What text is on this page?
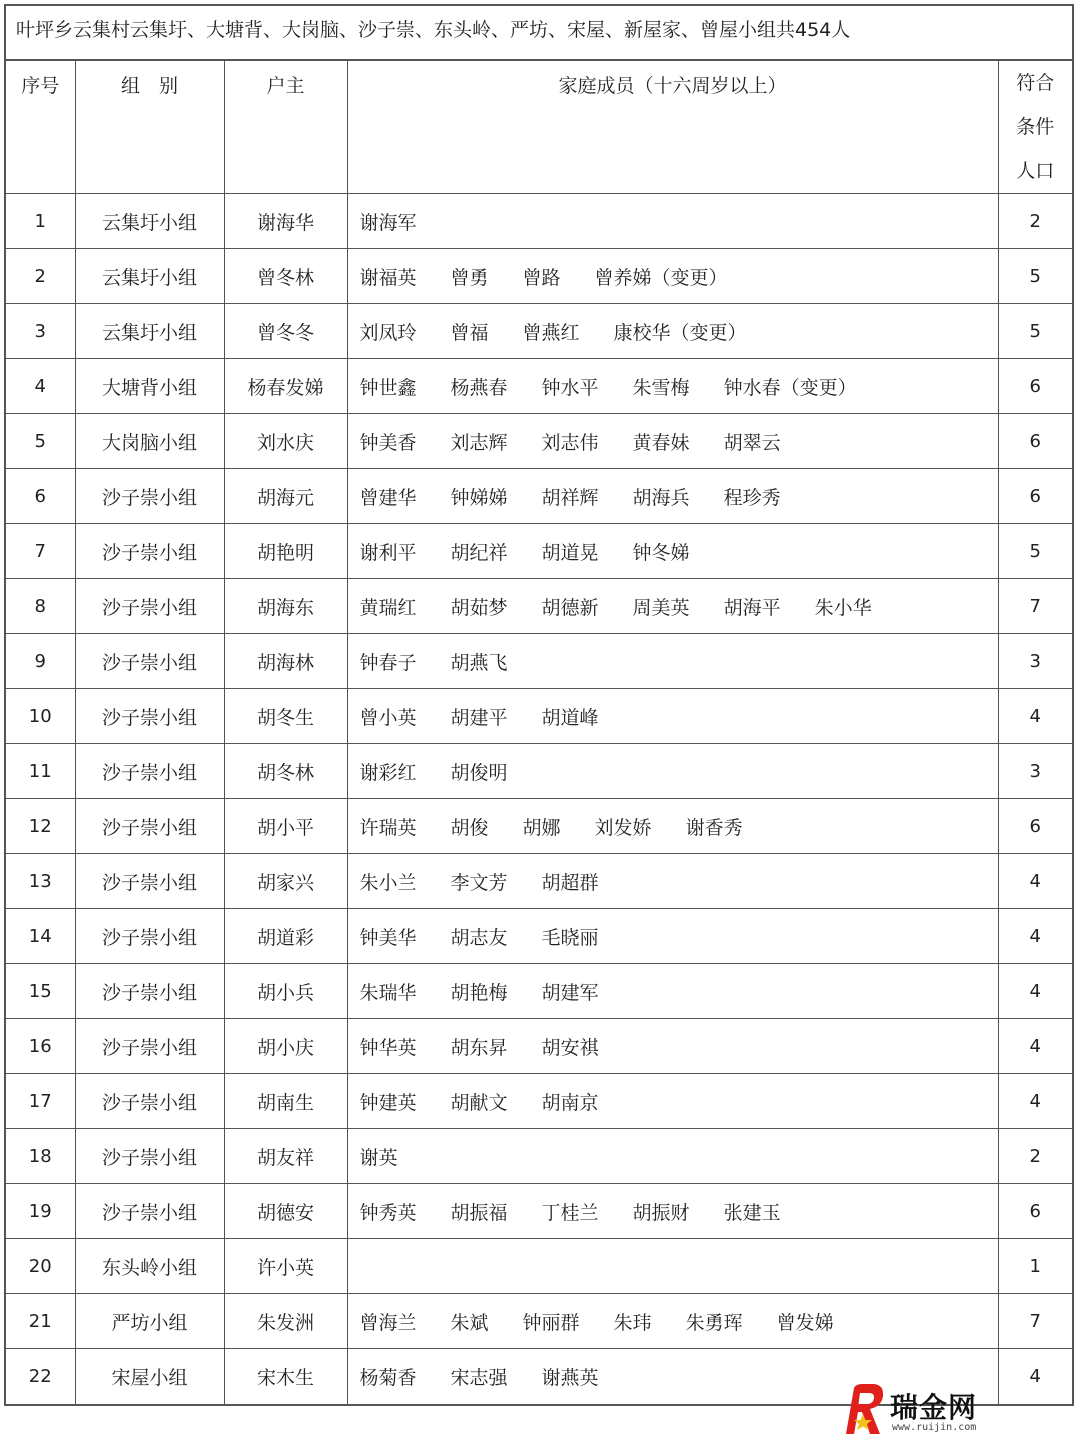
叶坪乡云集村云集圩、大塘背、大岗脑、沙子崇、东头岭、严坊、宋屋、新屋家、曾屋小组共454人
序号	组　别	户主	家庭成员（十六周岁以上）	符合
条件
人口

1	云集圩小组	谢海华	谢海军	2
2	云集圩小组	曾冬林	谢福英 曾勇 曾路 曾养娣（变更）	5
3	云集圩小组	曾冬冬	刘凤玲 曾福 曾燕红 康校华（变更）	5
4	大塘背小组	杨春发娣	钟世鑫 杨燕春 钟水平 朱雪梅 钟水春（变更）	6
5	大岗脑小组	刘水庆	钟美香 刘志辉 刘志伟 黄春妹 胡翠云	6
6	沙子崇小组	胡海元	曾建华 钟娣娣 胡祥辉 胡海兵 程珍秀	6
7	沙子崇小组	胡艳明	谢利平 胡纪祥 胡道晃 钟冬娣	5
8	沙子崇小组	胡海东	黄瑞红 胡茹梦 胡德新 周美英 胡海平 朱小华	7
9	沙子崇小组	胡海林	钟春子 胡燕飞	3
10	沙子崇小组	胡冬生	曾小英 胡建平 胡道峰	4
11	沙子崇小组	胡冬林	谢彩红 胡俊明	3
12	沙子崇小组	胡小平	许瑞英 胡俊 胡娜 刘发娇 谢香秀	6
13	沙子崇小组	胡家兴	朱小兰 李文芳 胡超群	4
14	沙子崇小组	胡道彩	钟美华 胡志友 毛晓丽	4
15	沙子崇小组	胡小兵	朱瑞华 胡艳梅 胡建军	4
16	沙子崇小组	胡小庆	钟华英 胡东昇 胡安祺	4
17	沙子崇小组	胡南生	钟建英 胡献文 胡南京	4
18	沙子崇小组	胡友祥	谢英	2
19	沙子崇小组	胡德安	钟秀英 胡振福 丁桂兰 胡振财 张建玉	6
20	东头岭小组	许小英		1
21	严坊小组	朱发洲	曾海兰 朱斌 钟丽群 朱玮 朱勇珲 曾发娣	7
22	宋屋小组	宋木生	杨菊香 宋志强 谢燕英	4
瑞金网
www.ruijin.com
